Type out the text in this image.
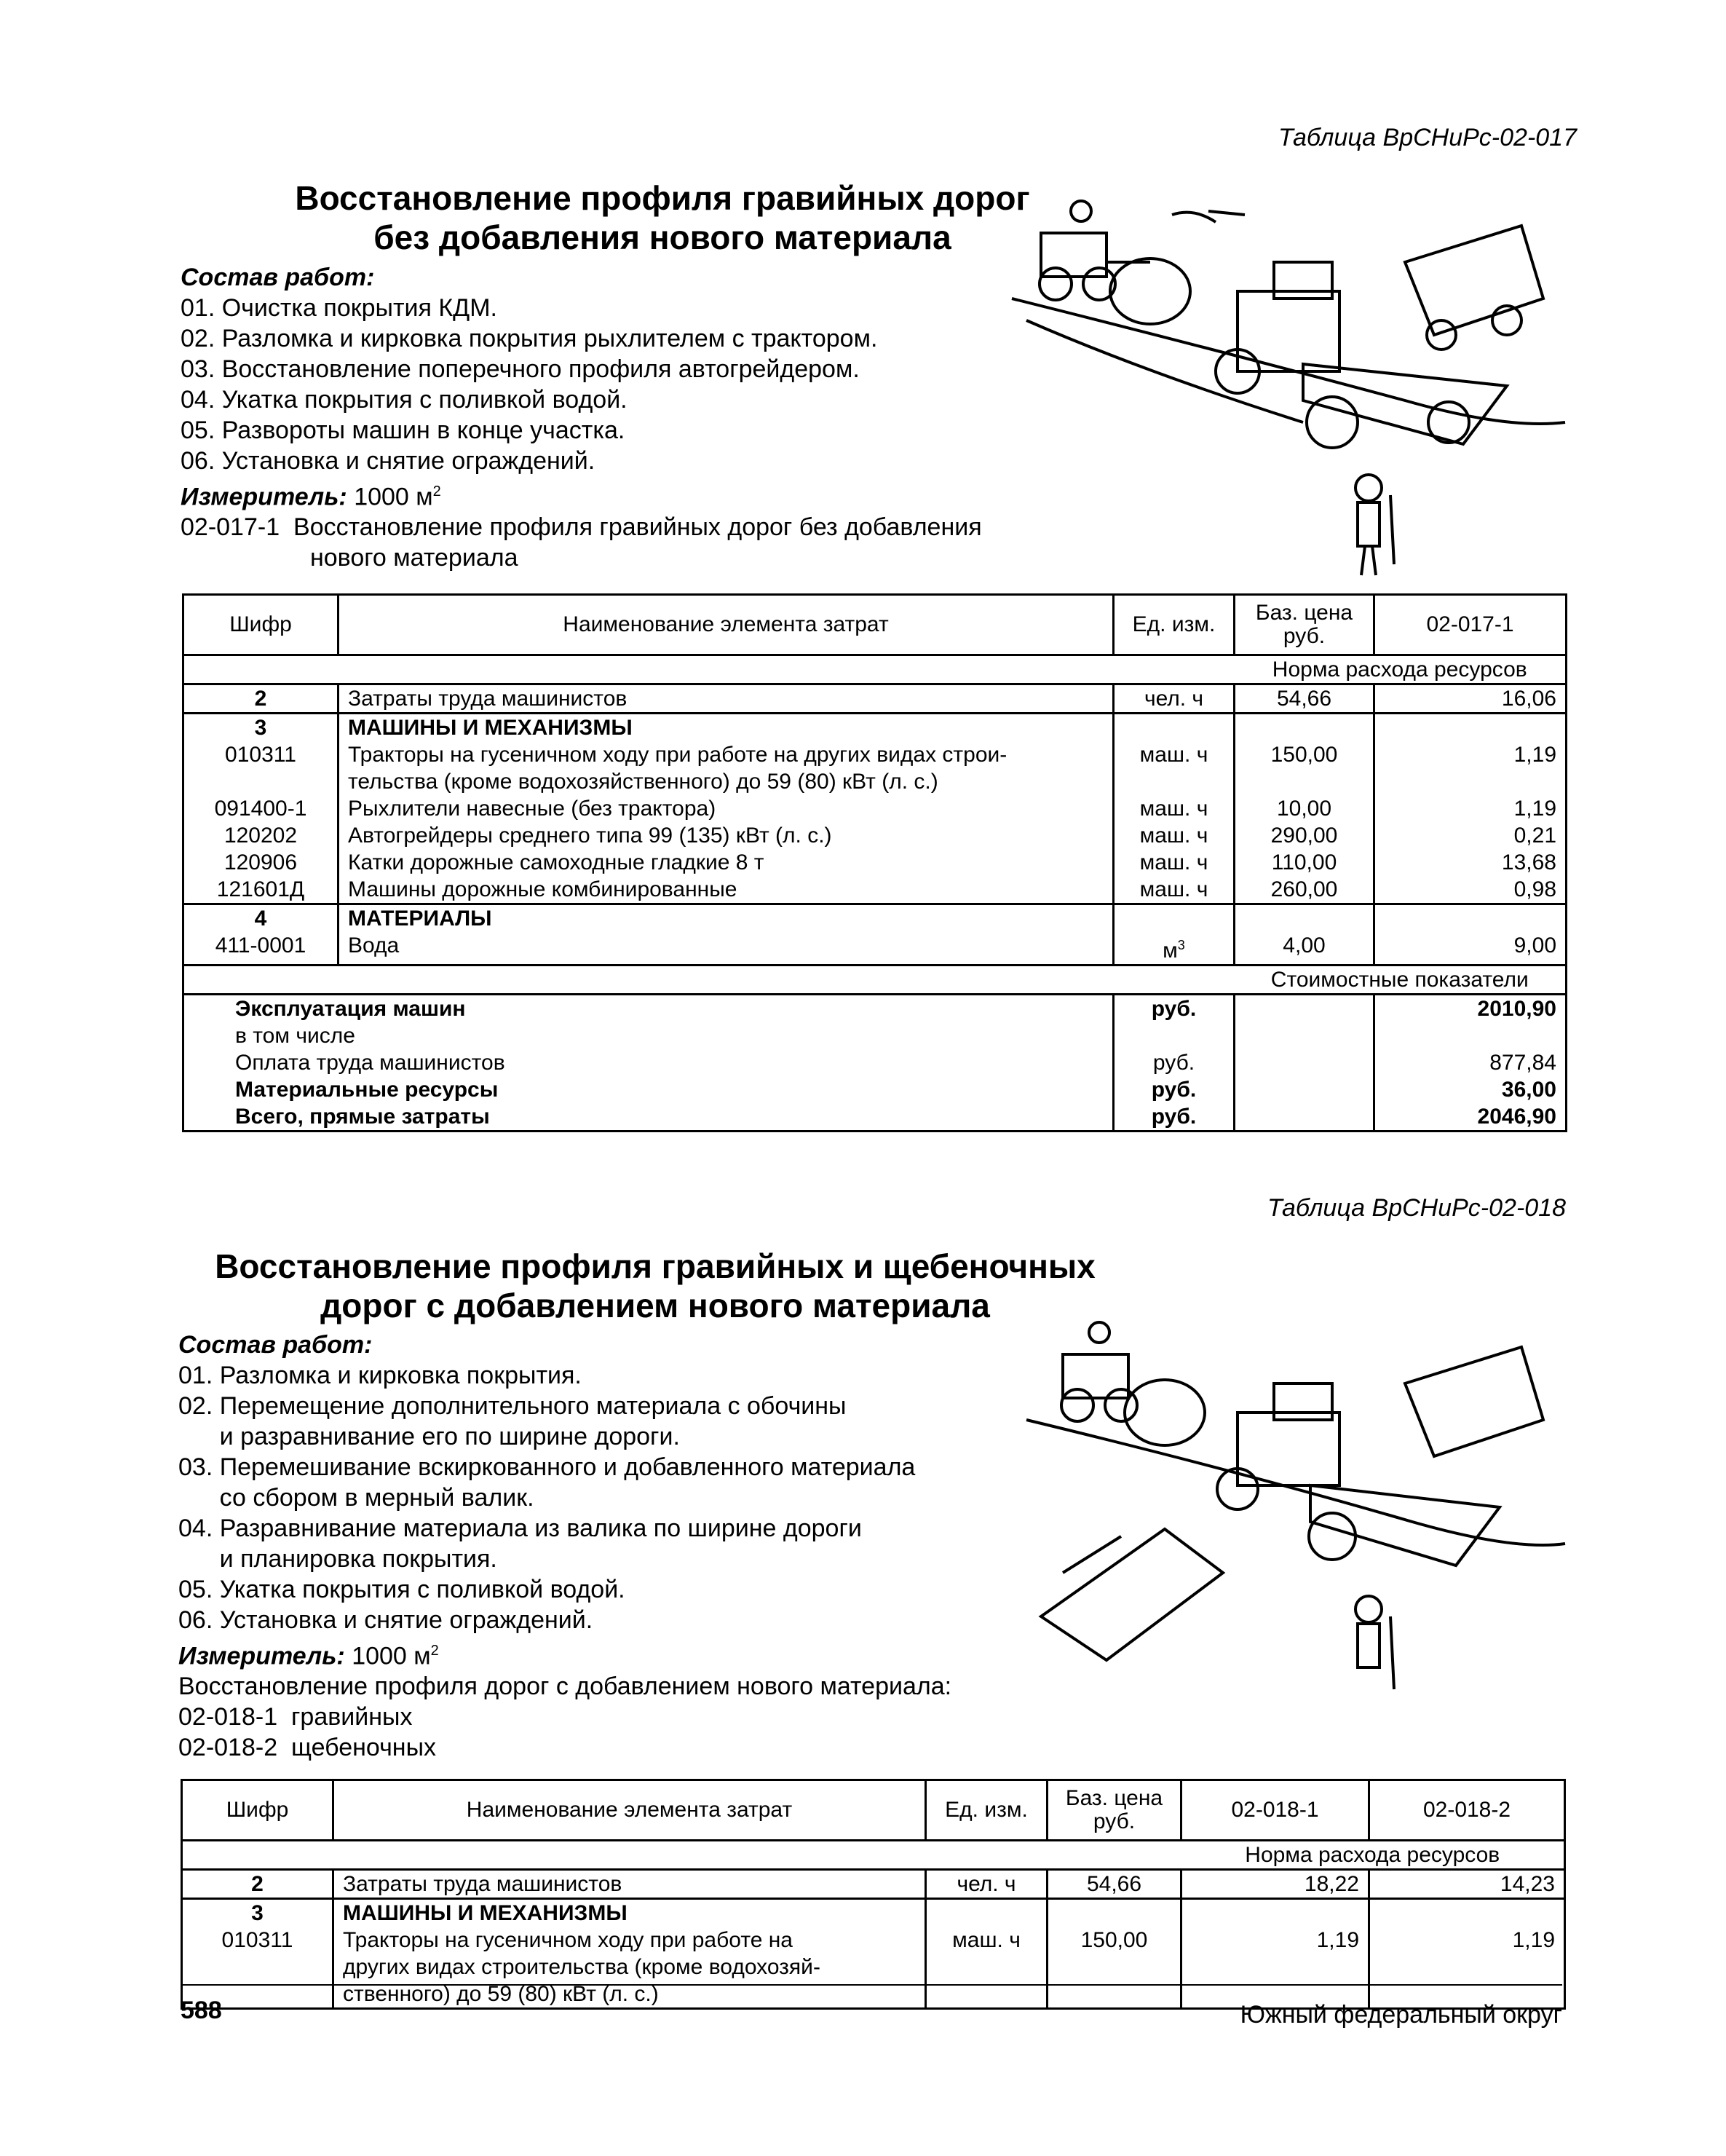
Таблица ВрСНиРс-02-017
Восстановление профиля гравийных дорог
без добавления нового материала
Состав работ:
01. Очистка покрытия КДМ.
02. Разломка и кирковка покрытия рыхлителем с трактором.
03. Восстановление поперечного профиля автогрейдером.
04. Укатка покрытия с поливкой водой.
05. Развороты машин в конце участка.
06. Установка и снятие ограждений.
Измеритель: 1000 $м^2$
02-017-1 Восстановление профиля гравийных дорог без добавления
нового материала
Шифр	Наименование элемента затрат	Ед. изм.	Баз. цена руб.	02-017-1
			Норма расхода ресурсов	
2	Затраты труда машинистов	чел. ч	54,66	16,06
3	МАШИНЫ И МЕХАНИЗМЫ			
010311	Тракторы на гусеничном ходу при работе на других видах строи-
тельства (кроме водохозяйственного) до 59 (80) кВт (л. с.)	маш. ч	150,00	1,19
091400-1	Рыхлители навесные (без трактора)	маш. ч	10,00	1,19
120202	Автогрейдеры среднего типа 99 (135) кВт (л. с.)	маш. ч	290,00	0,21
120906	Катки дорожные самоходные гладкие 8 т	маш. ч	110,00	13,68
121601Д	Машины дорожные комбинированные	маш. ч	260,00	0,98
4	МАТЕРИАЛЫ			
411-0001	Вода	$м^3$	4,00	9,00
			Стоимостные показатели	
Эксплуатация машин		руб.		2010,90
в том числе				
Оплата труда машинистов		руб.		877,84
Материальные ресурсы		руб.		36,00
Всего, прямые затраты		руб.		2046,90
Таблица ВрСНиРс-02-018
Восстановление профиля гравийных и щебеночных
дорог с добавлением нового материала
Состав работ:
01. Разломка и кирковка покрытия.
02. Перемещение дополнительного материала с обочины
и разравнивание его по ширине дороги.
03. Перемешивание вскиркованного и добавленного материала
со сбором в мерный валик.
04. Разравнивание материала из валика по ширине дороги
и планировка покрытия.
05. Укатка покрытия с поливкой водой.
06. Установка и снятие ограждений.
Измеритель: 1000 $м^2$
Восстановление профиля дорог с добавлением нового материала:
02-018-1 гравийных
02-018-2 щебеночных
Шифр	Наименование элемента затрат	Ед. изм.	Баз. цена руб.	02-018-1	02-018-2
				Норма расхода ресурсов	
2	Затраты труда машинистов	чел. ч	54,66	18,22	14,23
3	МАШИНЫ И МЕХАНИЗМЫ				
010311	Тракторы на гусеничном ходу при работе на
других видах строительства (кроме водохозяй-
ственного) до 59 (80) кВт (л. с.)	маш. ч	150,00	1,19	1,19
588	Южный федеральный округ
